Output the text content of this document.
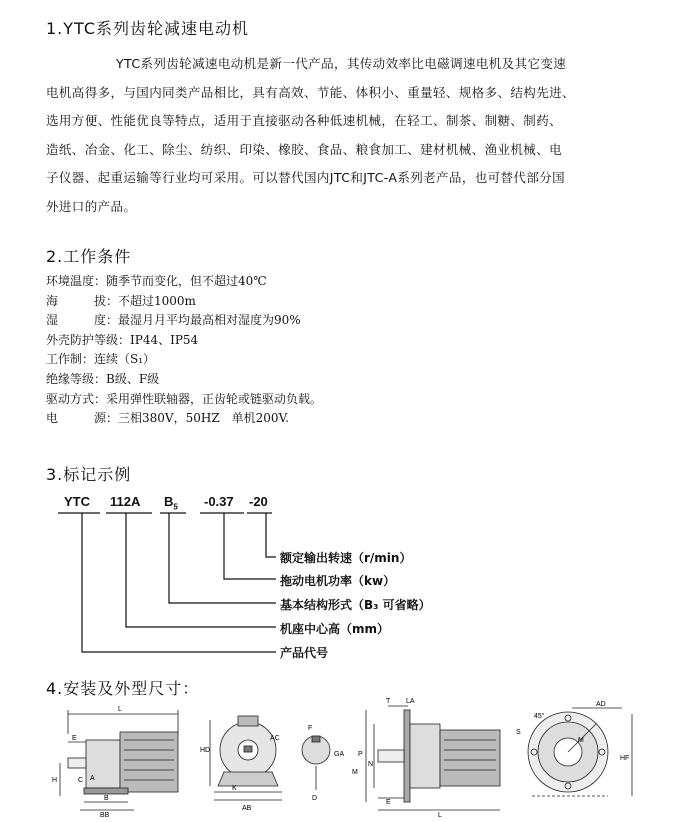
1.YTC系列齿轮减速电动机
YTC系列齿轮减速电动机是新一代产品，其传动效率比电磁调速电机及其它变速
电机高得多，与国内同类产品相比，具有高效、节能、体积小、重量轻、规格多、结构先进、
选用方便、性能优良等特点，适用于直接驱动各种低速机械，在轻工、制茶、制糖、制药、
造纸、冶金、化工、除尘、纺织、印染、橡胶、食品、粮食加工、建材机械、渔业机械、电
子仪器、起重运输等行业均可采用。可以替代国内JTC和JTC-A系列老产品，也可替代部分国
外进口的产品。
2.工作条件
环境温度：随季节而变化，但不超过40℃
海　　　拔：不超过1000m
湿　　　度：最湿月月平均最高相对湿度为90%
外壳防护等级：IP44、IP54
工作制：连续（S₁）
绝缘等级：B级、F级
驱动方式：采用弹性联轴器，正齿轮或链驱动负载。
电　　　源：三相380V，50HZ　单机200V.
3.标记示例
YTC 112A $B_5$ -0.37 -20
额定输出转速（r/min）
拖动电机功率（kw）
基本结构形式（B₃ 可省略）
机座中心高（mm）
产品代号
4.安装及外型尺寸：
L
E
H	C
B
BB
A
HD
K
AB
AC
F
GA
D
T LA
P
N
M
E
L
AD
45°
S
M
HF
